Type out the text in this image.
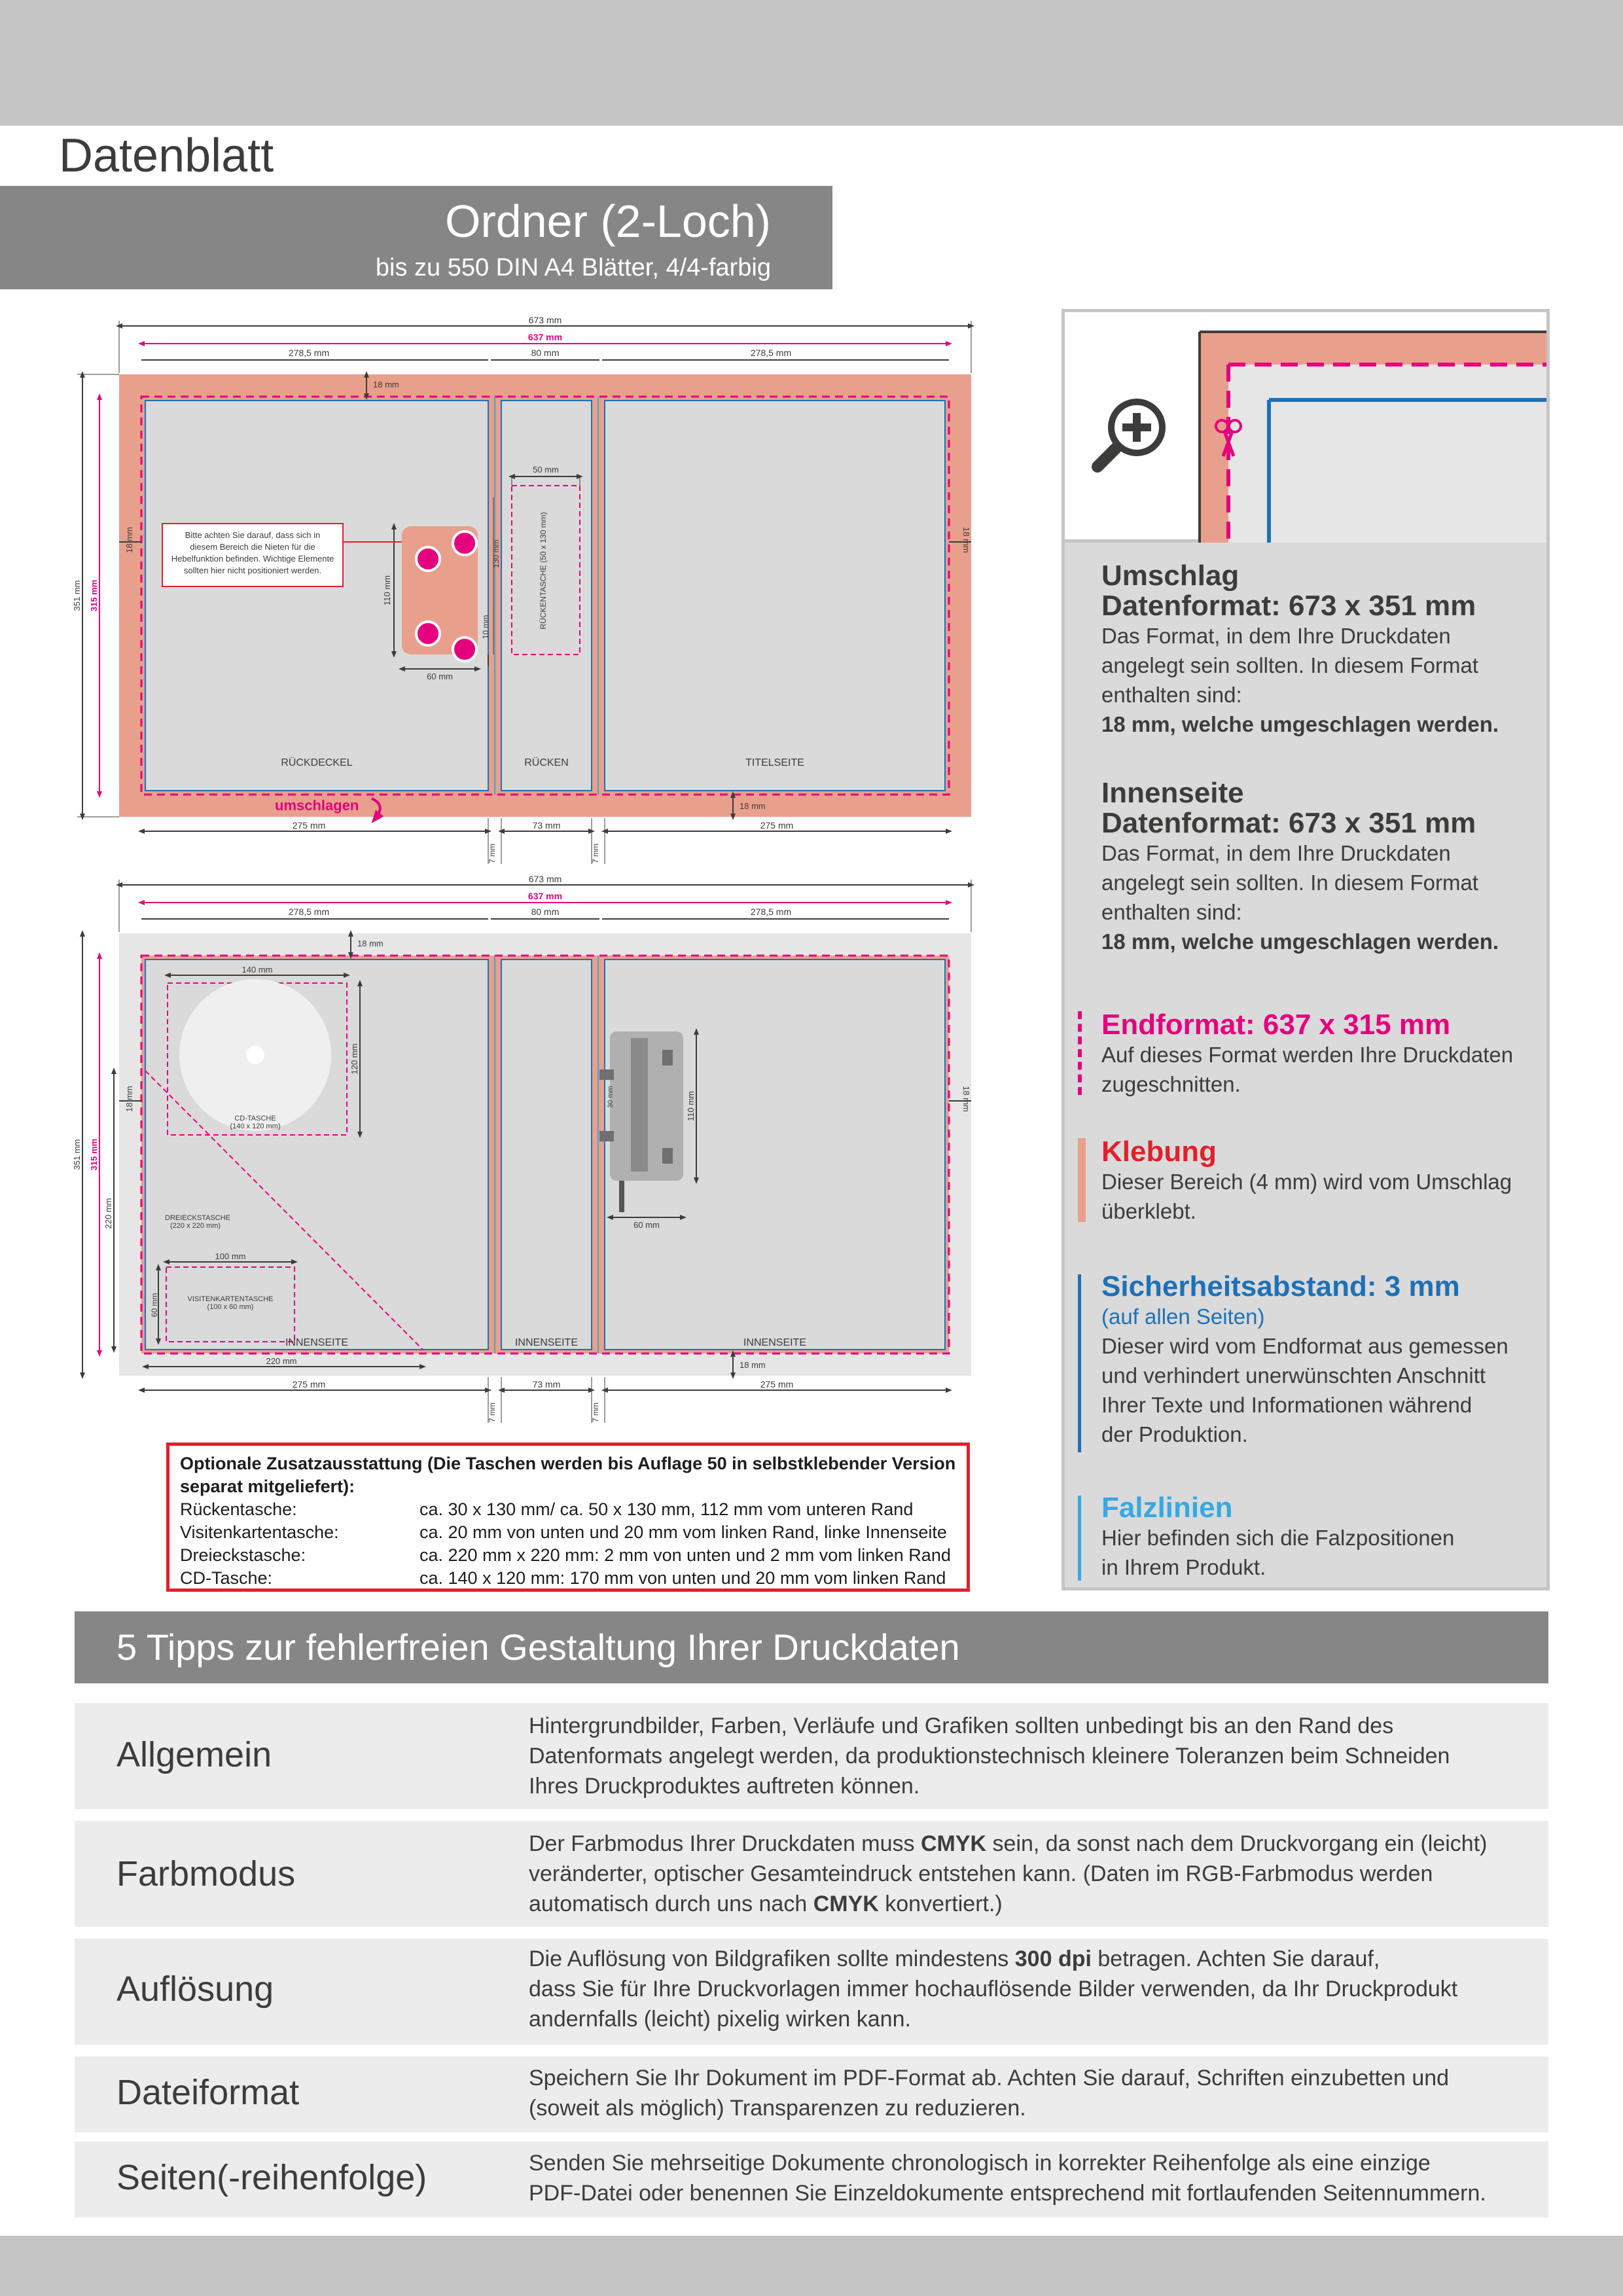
Datenblatt
Ordner (2-Loch)
bis zu 550 DIN A4 Blätter, 4/4-farbig
673 mm
637 mm
278,5 mm	80 mm	278,5 mm
18 mm
18 mm	18 mm
351 mm 315 mm	110 mm
60 mm
10 mm
130 mm
Bitte achten Sie darauf, dass sich in
diesem Bereich die Nieten für die
Hebelfunktion befinden. Wichtige Elemente
sollten hier nicht positioniert werden.
50 mm
RÜCKENTASCHE (50 x 130 mm)
RÜCKDECKEL	RÜCKEN	TITELSEITE
umschlagen	18 mm
275 mm	73 mm	275 mm
7 mm	7 mm
673 mm
637 mm
278,5 mm	80 mm	278,5 mm
18 mm
18 mm	18 mm
351 mm 315 mm
220 mm
140 mm
120 mm
CD-TASCHE
(140 x 120 mm)
DREIECKSTASCHE
(220 x 220 mm)
100 mm
60 mm	VISITENKARTENTASCHE
(100 x 60 mm)
110 mm
60 mm
30 mm
INNENSEITE	INNENSEITE	INNENSEITE
220 mm	18 mm
275 mm	73 mm	275 mm
7 mm	7 mm
Optionale Zusatzausstattung (Die Taschen werden bis Auflage 50 in selbstklebender Version separat mitgeliefert):
Rückentasche:	ca. 30 x 130 mm/ ca. 50 x 130 mm, 112 mm vom unteren Rand
Visitenkartentasche:	ca. 20 mm von unten und 20 mm vom linken Rand, linke Innenseite
Dreieckstasche:	ca. 220 mm x 220 mm: 2 mm von unten und 2 mm vom linken Rand
CD-Tasche:	ca. 140 x 120 mm: 170 mm von unten und 20 mm vom linken Rand
Umschlag
Datenformat: 673 x 351 mm
Das Format, in dem Ihre Druckdaten
angelegt sein sollten. In diesem Format
enthalten sind:
18 mm, welche umgeschlagen werden.
Innenseite
Datenformat: 673 x 351 mm
Das Format, in dem Ihre Druckdaten
angelegt sein sollten. In diesem Format
enthalten sind:
18 mm, welche umgeschlagen werden.
Endformat: 637 x 315 mm
Auf dieses Format werden Ihre Druckdaten
zugeschnitten.
Klebung
Dieser Bereich (4 mm) wird vom Umschlag
überklebt.
Sicherheitsabstand: 3 mm
(auf allen Seiten)
Dieser wird vom Endformat aus gemessen
und verhindert unerwünschten Anschnitt
Ihrer Texte und Informationen während
der Produktion.
Falzlinien
Hier befinden sich die Falzpositionen
in Ihrem Produkt.
5 Tipps zur fehlerfreien Gestaltung Ihrer Druckdaten
Allgemein
Hintergrundbilder, Farben, Verläufe und Grafiken sollten unbedingt bis an den Rand des
Datenformats angelegt werden, da produktionstechnisch kleinere Toleranzen beim Schneiden
Ihres Druckproduktes auftreten können.
Farbmodus
Der Farbmodus Ihrer Druckdaten muss CMYK sein, da sonst nach dem Druckvorgang ein (leicht)
veränderter, optischer Gesamteindruck entstehen kann. (Daten im RGB-Farbmodus werden
automatisch durch uns nach CMYK konvertiert.)
Auflösung
Die Auflösung von Bildgrafiken sollte mindestens 300 dpi betragen. Achten Sie darauf,
dass Sie für Ihre Druckvorlagen immer hochauflösende Bilder verwenden, da Ihr Druckprodukt
andernfalls (leicht) pixelig wirken kann.
Dateiformat	Speichern Sie Ihr Dokument im PDF-Format ab. Achten Sie darauf, Schriften einzubetten und
(soweit als möglich) Transparenzen zu reduzieren.
Seiten(-reihenfolge)	Senden Sie mehrseitige Dokumente chronologisch in korrekter Reihenfolge als eine einzige
PDF-Datei oder benennen Sie Einzeldokumente entsprechend mit fortlaufenden Seitennummern.
